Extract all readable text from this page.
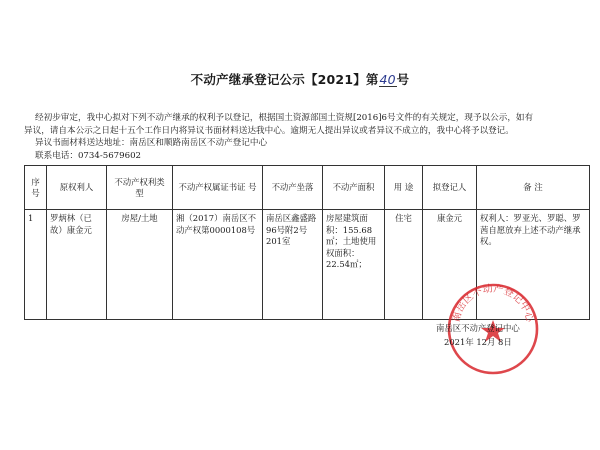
不动产继承登记公示【2021】第40号

经初步审定，我中心拟对下列不动产继承的权利予以登记，根据国土资源部国土资规[2016]6号文件的有关规定，现予以公示，如有

异议，请自本公示之日起十五个工作日内将异议书面材料送达我中心。逾期无人提出异议或者异议不成立的，我中心将予以登记。

异议书面材料送达地址：南岳区和顺路南岳区不动产登记中心

联系电话：0734-5679602

序号	原权利人	不动产权利类 型	不动产权属证书证 号	不动产坐落	不动产面积	用 途	拟登记人	备 注
1	罗炳林（已故）康金元	房屋/土地	湘（2017）南岳区不动产权第0000108号	南岳区鑫盛路96号附2号201室	房屋建筑面积：155.68㎡；土地使用权面积：22.54㎡；	住宅	康金元	权利人：罗亚光、罗聪、罗茜自愿放弃上述不动产继承权。
南岳区不动产登记中心
南岳区不动产登记中心
2021年 12月 8日
